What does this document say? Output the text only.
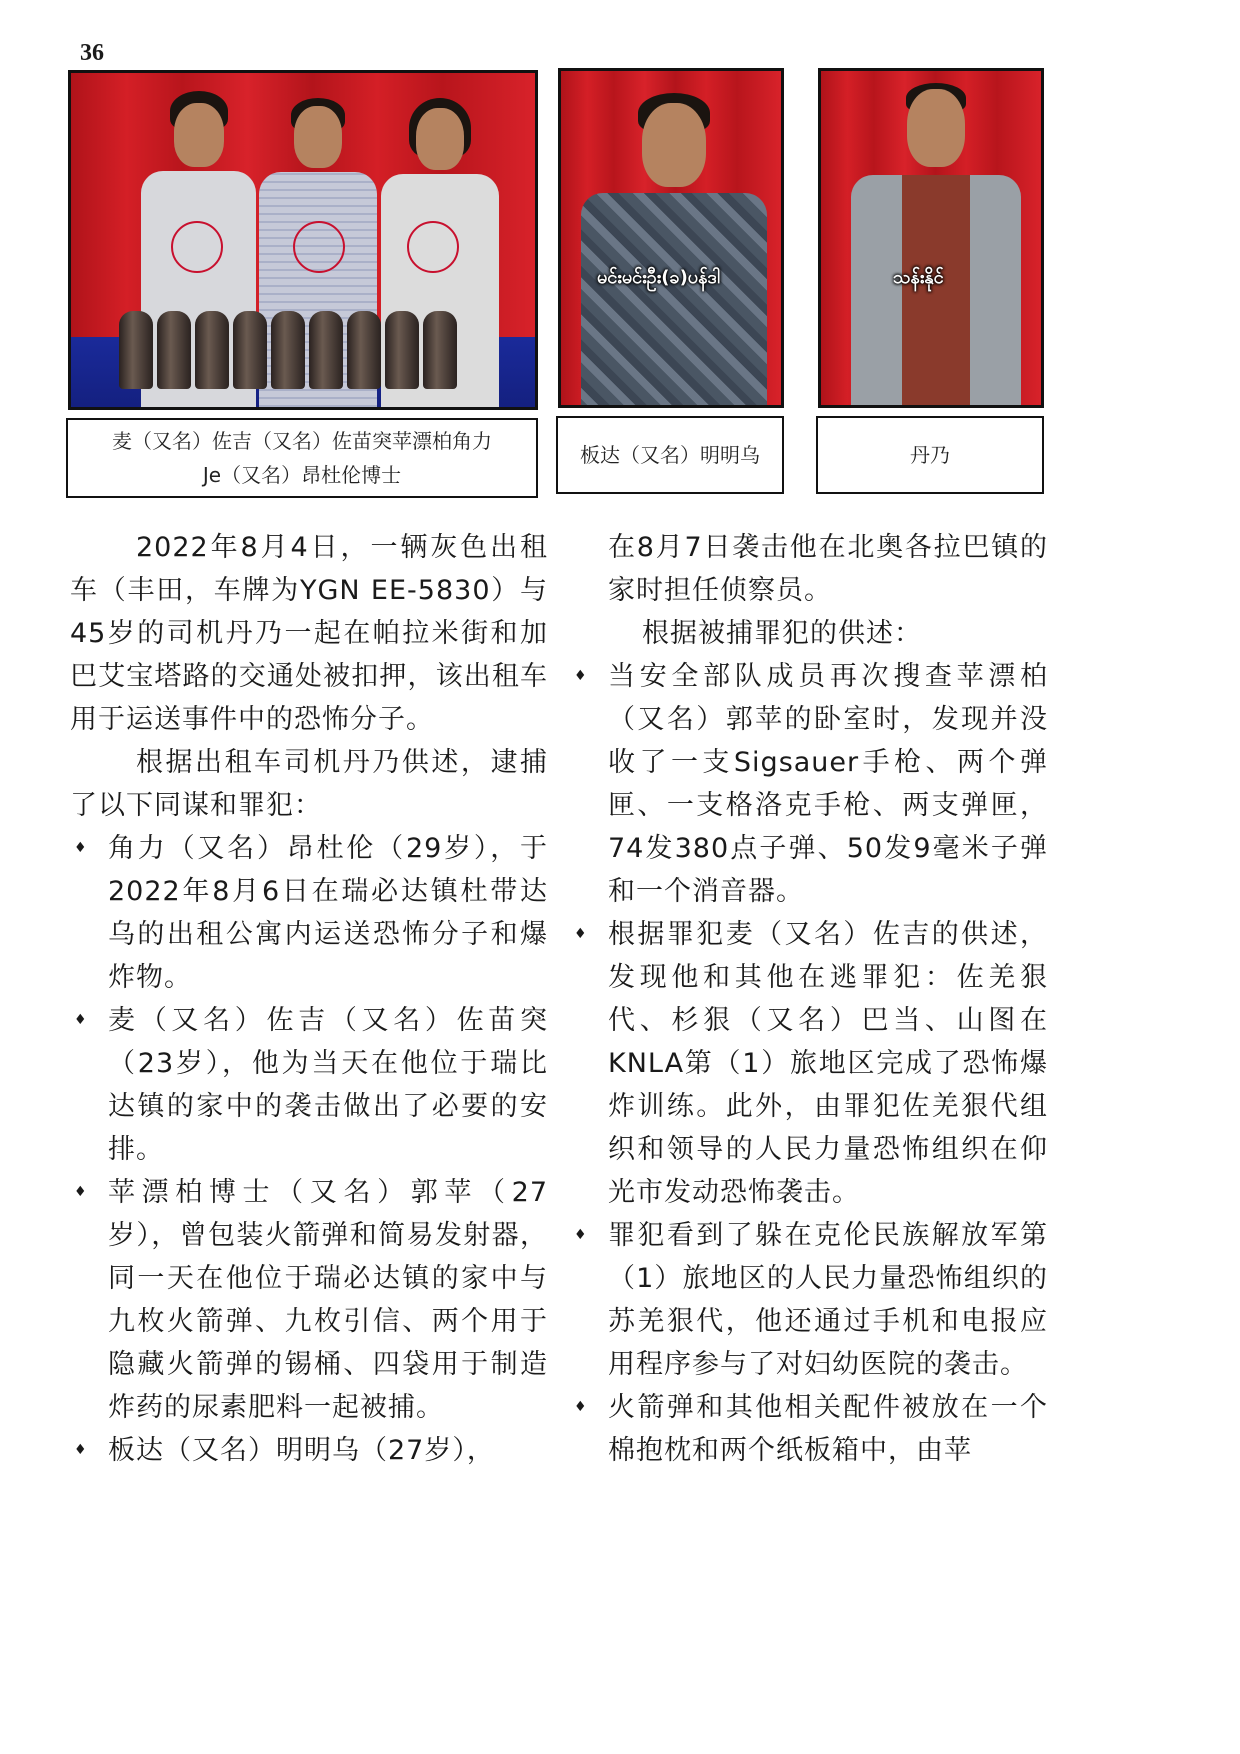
36
မင်းမင်းဦး(ခ)ပန်ဒါ	သန်းနိုင်
麦（又名）佐吉（又名）佐苗突苹漂柏角力Je（又名）昂杜伦博士
板达（又名）明明乌	丹乃

2022年8月4日，一辆灰色出租车（丰田，车牌为YGN EE-5830）与45岁的司机丹乃一起在帕拉米街和加巴艾宝塔路的交通处被扣押，该出租车用于运送事件中的恐怖分子。

根据出租车司机丹乃供述，逮捕了以下同谋和罪犯：

♦ 角力（又名）昂杜伦（29岁），于2022年8月6日在瑞必达镇杜带达乌的出租公寓内运送恐怖分子和爆炸物。

♦ 麦（又名）佐吉（又名）佐苗突（23岁），他为当天在他位于瑞比达镇的家中的袭击做出了必要的安排。

♦ 苹漂柏博士（又名）郭苹（27岁），曾包装火箭弹和简易发射器，同一天在他位于瑞必达镇的家中与九枚火箭弹、九枚引信、两个用于隐藏火箭弹的锡桶、四袋用于制造炸药的尿素肥料一起被捕。

♦ 板达（又名）明明乌（27岁），

在8月7日袭击他在北奥各拉巴镇的家时担任侦察员。

根据被捕罪犯的供述：

♦ 当安全部队成员再次搜查苹漂柏（又名）郭苹的卧室时，发现并没收了一支Sigsauer手枪、两个弹匣、一支格洛克手枪、两支弹匣，74发380点子弹、50发9毫米子弹和一个消音器。

♦ 根据罪犯麦（又名）佐吉的供述，发现他和其他在逃罪犯：佐羌狠代、杉狠（又名）巴当、山图在KNLA第（1）旅地区完成了恐怖爆炸训练。此外，由罪犯佐羌狠代组织和领导的人民力量恐怖组织在仰光市发动恐怖袭击。

♦ 罪犯看到了躲在克伦民族解放军第（1）旅地区的人民力量恐怖组织的苏羌狠代，他还通过手机和电报应用程序参与了对妇幼医院的袭击。

♦ 火箭弹和其他相关配件被放在一个棉抱枕和两个纸板箱中，由苹
